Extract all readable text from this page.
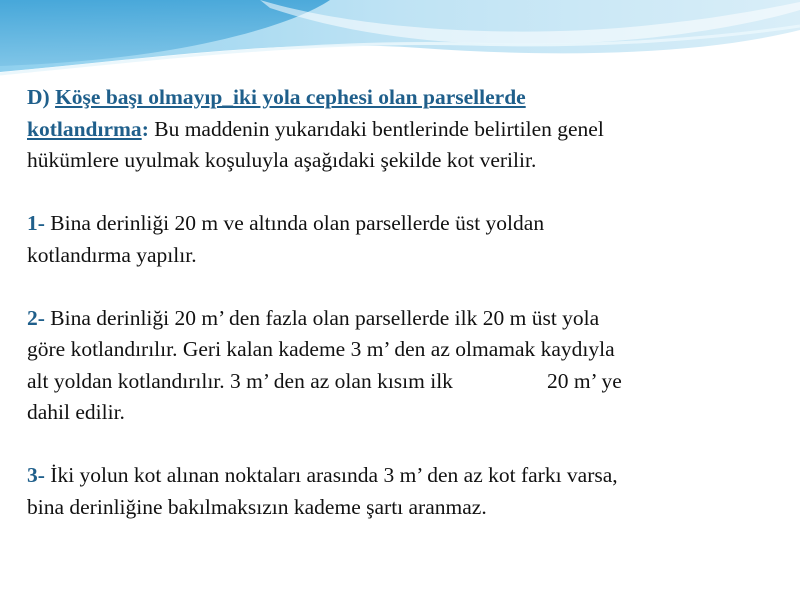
D) Köşe başı olmayıp_iki yola cephesi olan parsellerde
kotlandırma: Bu maddenin yukarıdaki bentlerinde belirtilen genel
hükümlere uyulmak koşuluyla aşağıdaki şekilde kot verilir.
1- Bina derinliği 20 m ve altında olan parsellerde üst yoldan
kotlandırma yapılır.
2- Bina derinliği 20 m’ den fazla olan parsellerde ilk 20 m üst yola
göre kotlandırılır. Geri kalan kademe 3 m’ den az olmamak kaydıyla
alt yoldan kotlandırılır. 3 m’ den az olan kısım ilk	20 m’ ye
dahil edilir.
3- İki yolun kot alınan noktaları arasında 3 m’ den az kot farkı varsa,
bina derinliğine bakılmaksızın kademe şartı aranmaz.
